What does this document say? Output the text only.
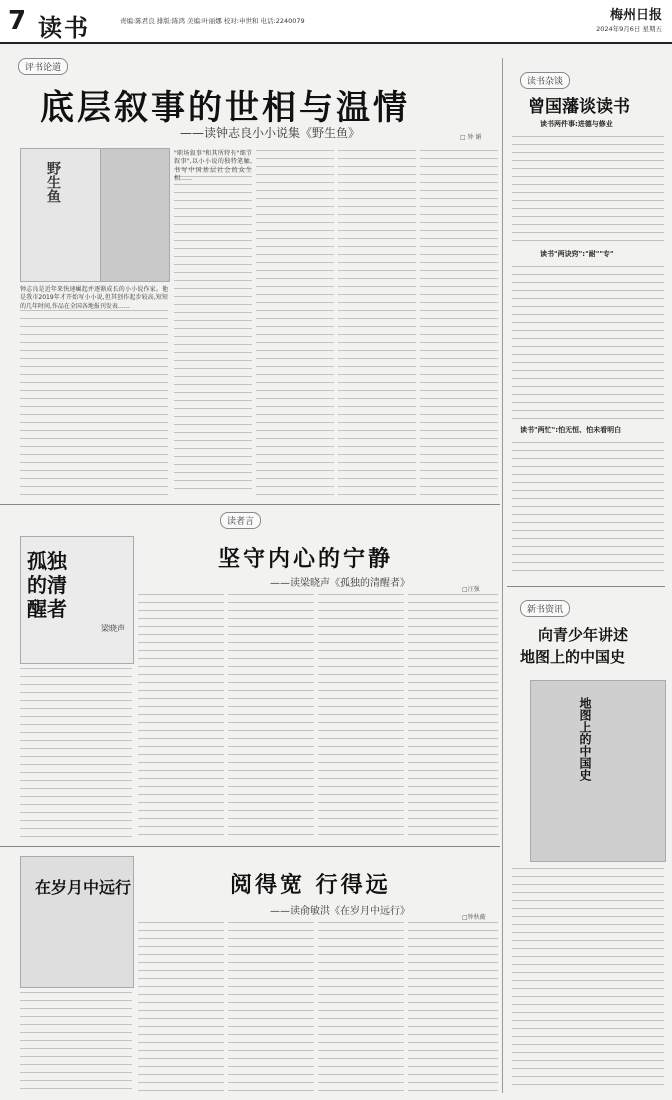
7 读书	责编:陈君良 排版:陈鸿 美编:叶丽娜 校对:申世和 电话:2240079	梅州日报
2024年9月6日 星期五
评书论道
底层叙事的世相与温情
——读钟志良小小说集《野生鱼》	□ 钟 媚
野生鱼
钟志良是近年来快速崛起并逐渐成长的小小说作家。他是我市2019年才开始写小小说,但其创作起步较高,短短的几年时间,作品在全国各地报刊发表……
"职场叙事"和其所特有"细节叙事",以小小说的独特笔触,书写中国基层社会的众生相……
读者言
孤独的清醒者
梁晓声
坚守内心的宁静
——读梁晓声《孤独的清醒者》
□汪强
在岁月中远行	阅得宽 行得远
——读俞敏洪《在岁月中远行》
□钟秋蘅
读书杂谈
曾国藩谈读书
读书两件事:进德与修业
读书"两诀窍":"耐""专"
读书"两忙":怕无恒、怕未看明白
新书资讯
向青少年讲述
地图上的中国史
地图上的中国史
